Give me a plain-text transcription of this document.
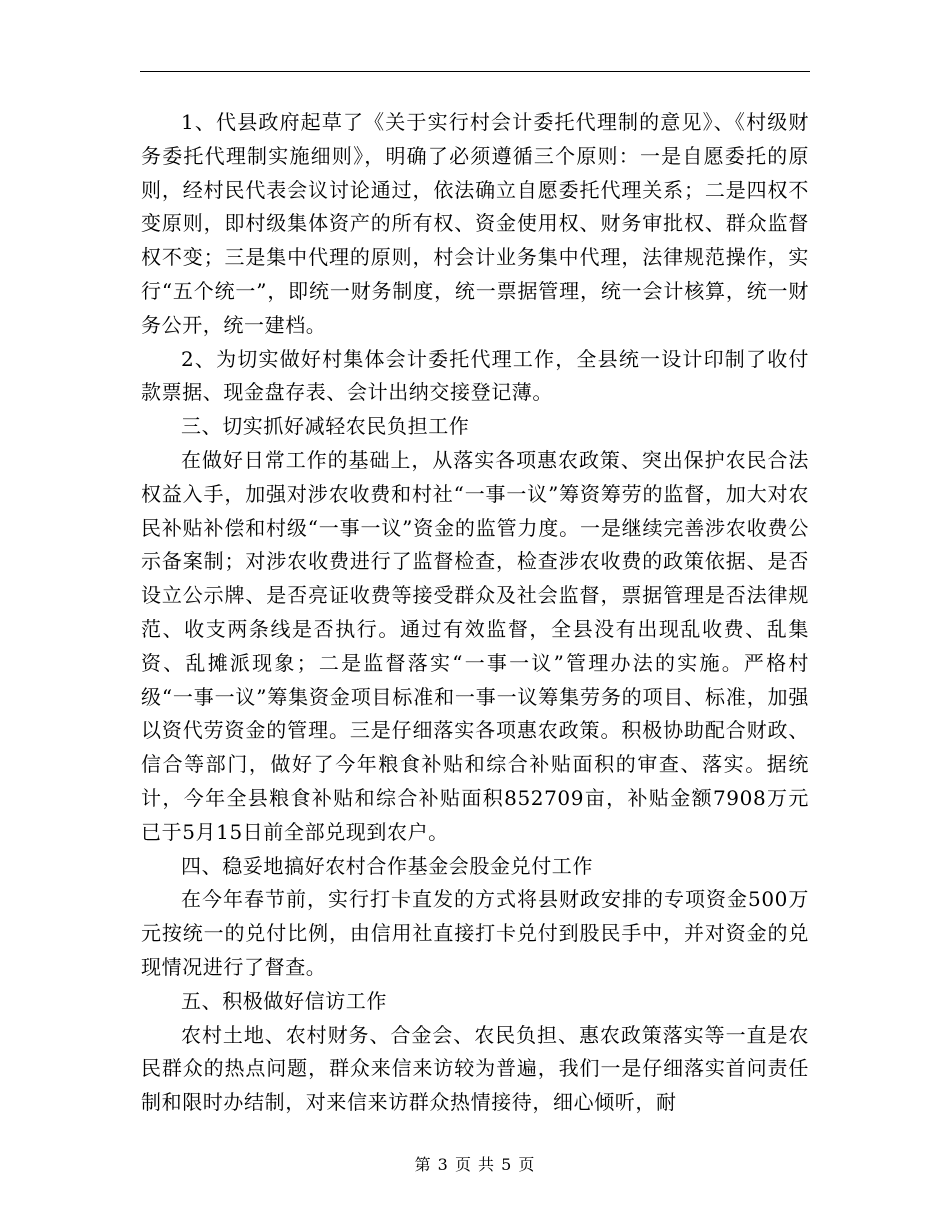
1、代县政府起草了《关于实行村会计委托代理制的意见》、《村级财务委托代理制实施细则》，明确了必须遵循三个原则：一是自愿委托的原则，经村民代表会议讨论通过，依法确立自愿委托代理关系；二是四权不变原则，即村级集体资产的所有权、资金使用权、财务审批权、群众监督权不变；三是集中代理的原则，村会计业务集中代理，法律规范操作，实行“五个统一”，即统一财务制度，统一票据管理，统一会计核算，统一财务公开，统一建档。

2、为切实做好村集体会计委托代理工作，全县统一设计印制了收付款票据、现金盘存表、会计出纳交接登记薄。

三、切实抓好减轻农民负担工作

在做好日常工作的基础上，从落实各项惠农政策、突出保护农民合法权益入手，加强对涉农收费和村社“一事一议”筹资筹劳的监督，加大对农民补贴补偿和村级“一事一议”资金的监管力度。一是继续完善涉农收费公示备案制；对涉农收费进行了监督检查，检查涉农收费的政策依据、是否设立公示牌、是否亮证收费等接受群众及社会监督，票据管理是否法律规范、收支两条线是否执行。通过有效监督，全县没有出现乱收费、乱集资、乱摊派现象；二是监督落实“一事一议”管理办法的实施。严格村级“一事一议”筹集资金项目标准和一事一议筹集劳务的项目、标准，加强以资代劳资金的管理。三是仔细落实各项惠农政策。积极协助配合财政、信合等部门，做好了今年粮食补贴和综合补贴面积的审查、落实。据统计，今年全县粮食补贴和综合补贴面积852709亩，补贴金额7908万元已于5月15日前全部兑现到农户。

四、稳妥地搞好农村合作基金会股金兑付工作

在今年春节前，实行打卡直发的方式将县财政安排的专项资金500万元按统一的兑付比例，由信用社直接打卡兑付到股民手中，并对资金的兑现情况进行了督查。

五、积极做好信访工作

农村土地、农村财务、合金会、农民负担、惠农政策落实等一直是农民群众的热点问题，群众来信来访较为普遍，我们一是仔细落实首问责任制和限时办结制，对来信来访群众热情接待，细心倾听，耐

第 3 页 共 5 页
